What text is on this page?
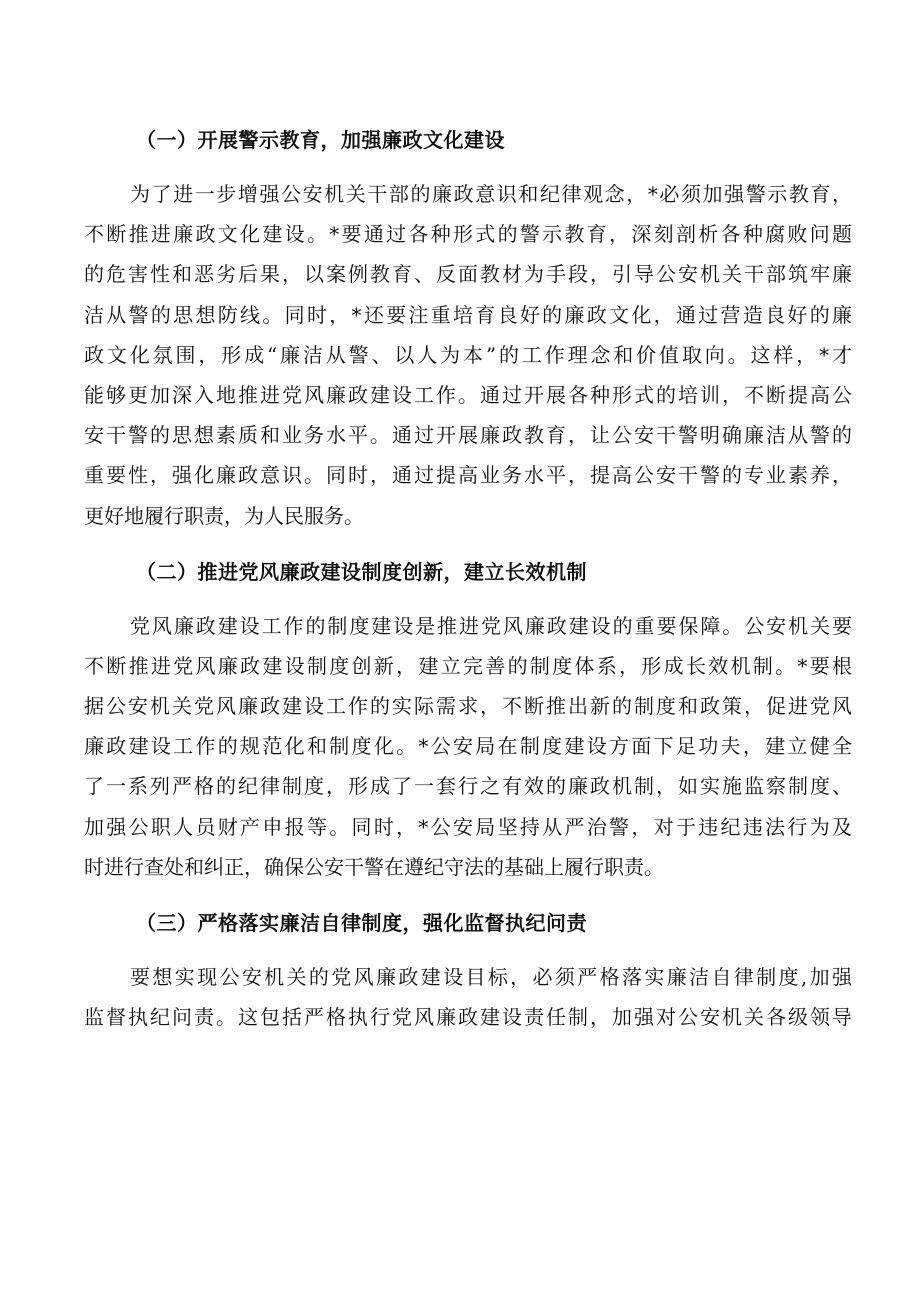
（一）开展警示教育，加强廉政文化建设
为了进一步增强公安机关干部的廉政意识和纪律观念，*必须加强警示教育，
不断推进廉政文化建设。*要通过各种形式的警示教育，深刻剖析各种腐败问题
的危害性和恶劣后果，以案例教育、反面教材为手段，引导公安机关干部筑牢廉
洁从警的思想防线。同时，*还要注重培育良好的廉政文化，通过营造良好的廉
政文化氛围，形成“廉洁从警、以人为本”的工作理念和价值取向。这样，*才
能够更加深入地推进党风廉政建设工作。通过开展各种形式的培训，不断提高公
安干警的思想素质和业务水平。通过开展廉政教育，让公安干警明确廉洁从警的
重要性，强化廉政意识。同时，通过提高业务水平，提高公安干警的专业素养，
更好地履行职责，为人民服务。
（二）推进党风廉政建设制度创新，建立长效机制
党风廉政建设工作的制度建设是推进党风廉政建设的重要保障。公安机关要
不断推进党风廉政建设制度创新，建立完善的制度体系，形成长效机制。*要根
据公安机关党风廉政建设工作的实际需求，不断推出新的制度和政策，促进党风
廉政建设工作的规范化和制度化。*公安局在制度建设方面下足功夫，建立健全
了一系列严格的纪律制度，形成了一套行之有效的廉政机制，如实施监察制度、
加强公职人员财产申报等。同时，*公安局坚持从严治警，对于违纪违法行为及
时进行查处和纠正，确保公安干警在遵纪守法的基础上履行职责。
（三）严格落实廉洁自律制度，强化监督执纪问责
要想实现公安机关的党风廉政建设目标，必须严格落实廉洁自律制度,加强
监督执纪问责。这包括严格执行党风廉政建设责任制，加强对公安机关各级领导
